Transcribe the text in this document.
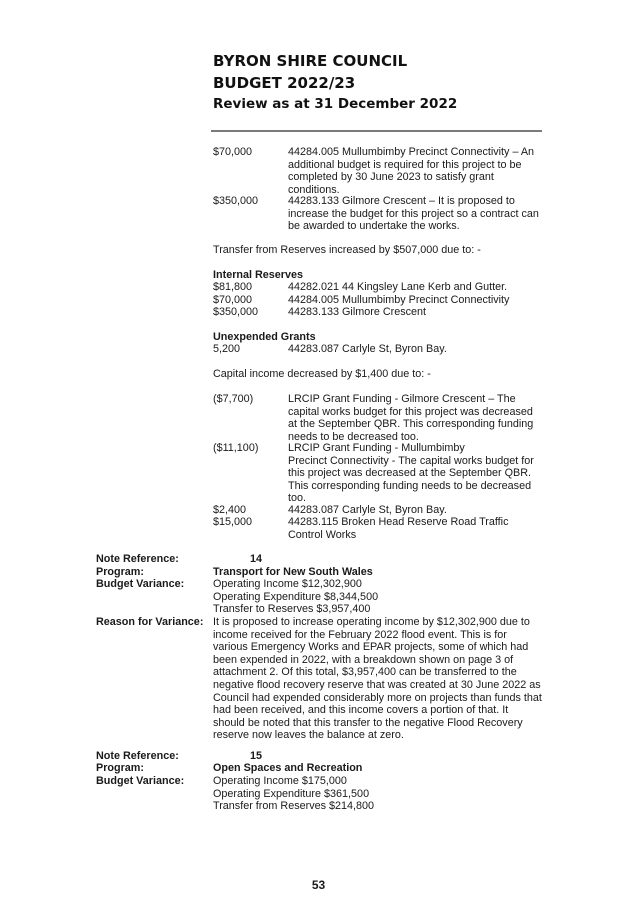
BYRON SHIRE COUNCIL
BUDGET 2022/23
Review as at 31 December 2022
$70,000	44284.005 Mullumbimby Precinct Connectivity – An
additional budget is required for this project to be
completed by 30 June 2023 to satisfy grant
conditions.
$350,000	44283.133 Gilmore Crescent – It is proposed to
increase the budget for this project so a contract can
be awarded to undertake the works.
Transfer from Reserves increased by $507,000 due to: -
Internal Reserves
$81,800	44282.021 44 Kingsley Lane Kerb and Gutter.
$70,000	44284.005 Mullumbimby Precinct Connectivity
$350,000	44283.133 Gilmore Crescent
Unexpended Grants
5,200	44283.087 Carlyle St, Byron Bay.
Capital income decreased by $1,400 due to: -
($7,700)	LRCIP Grant Funding - Gilmore Crescent – The
capital works budget for this project was decreased
at the September QBR. This corresponding funding
needs to be decreased too.
($11,100)	LRCIP Grant Funding - Mullumbimby
Precinct Connectivity - The capital works budget for
this project was decreased at the September QBR.
This corresponding funding needs to be decreased
too.
$2,400	44283.087 Carlyle St, Byron Bay.
$15,000	44283.115 Broken Head Reserve Road Traffic
Control Works
Note Reference:	14
Program:	Transport for New South Wales
Budget Variance:	Operating Income $12,302,900
Operating Expenditure $8,344,500
Transfer to Reserves $3,957,400
Reason for Variance: It is proposed to increase operating income by $12,302,900 due to
income received for the February 2022 flood event. This is for
various Emergency Works and EPAR projects, some of which had
been expended in 2022, with a breakdown shown on page 3 of
attachment 2. Of this total, $3,957,400 can be transferred to the
negative flood recovery reserve that was created at 30 June 2022 as
Council had expended considerably more on projects than funds that
had been received, and this income covers a portion of that. It
should be noted that this transfer to the negative Flood Recovery
reserve now leaves the balance at zero.
Note Reference:	15
Program:	Open Spaces and Recreation
Budget Variance:	Operating Income $175,000
Operating Expenditure $361,500
Transfer from Reserves $214,800
53
